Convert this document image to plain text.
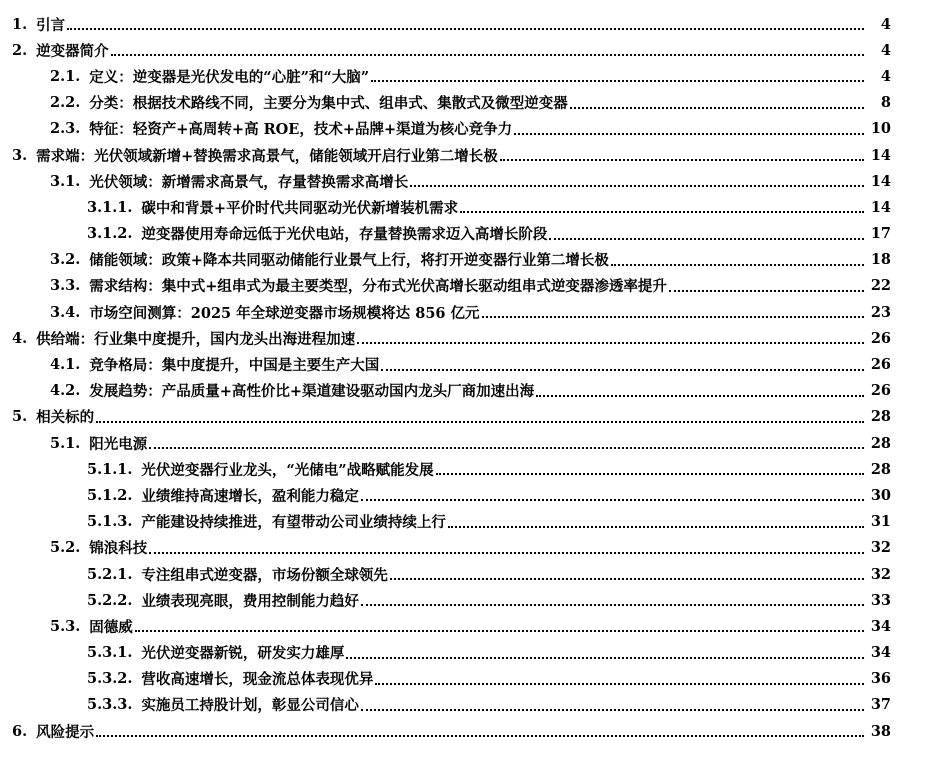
1. 引言	4
2. 逆变器简介	4
2.1. 定义：逆变器是光伏发电的“心脏”和“大脑”	4
2.2. 分类：根据技术路线不同，主要分为集中式、组串式、集散式及微型逆变器	8
2.3. 特征：轻资产+高周转+高 ROE，技术+品牌+渠道为核心竞争力	10
3. 需求端：光伏领域新增+替换需求高景气，储能领域开启行业第二增长极	14
3.1. 光伏领域：新增需求高景气，存量替换需求高增长	14
3.1.1. 碳中和背景+平价时代共同驱动光伏新增装机需求	14
3.1.2. 逆变器使用寿命远低于光伏电站，存量替换需求迈入高增长阶段	17
3.2. 储能领域：政策+降本共同驱动储能行业景气上行，将打开逆变器行业第二增长极	18
3.3. 需求结构：集中式+组串式为最主要类型，分布式光伏高增长驱动组串式逆变器渗透率提升	22
3.4. 市场空间测算：2025 年全球逆变器市场规模将达 856 亿元	23
4. 供给端：行业集中度提升，国内龙头出海进程加速	26
4.1. 竞争格局：集中度提升，中国是主要生产大国	26
4.2. 发展趋势：产品质量+高性价比+渠道建设驱动国内龙头厂商加速出海	26
5. 相关标的	28
5.1. 阳光电源	28
5.1.1. 光伏逆变器行业龙头，“光储电”战略赋能发展	28
5.1.2. 业绩维持高速增长，盈利能力稳定	30
5.1.3. 产能建设持续推进，有望带动公司业绩持续上行	31
5.2. 锦浪科技	32
5.2.1. 专注组串式逆变器，市场份额全球领先	32
5.2.2. 业绩表现亮眼，费用控制能力趋好	33
5.3. 固德威	34
5.3.1. 光伏逆变器新锐，研发实力雄厚	34
5.3.2. 营收高速增长，现金流总体表现优异	36
5.3.3. 实施员工持股计划，彰显公司信心	37
6. 风险提示	38
